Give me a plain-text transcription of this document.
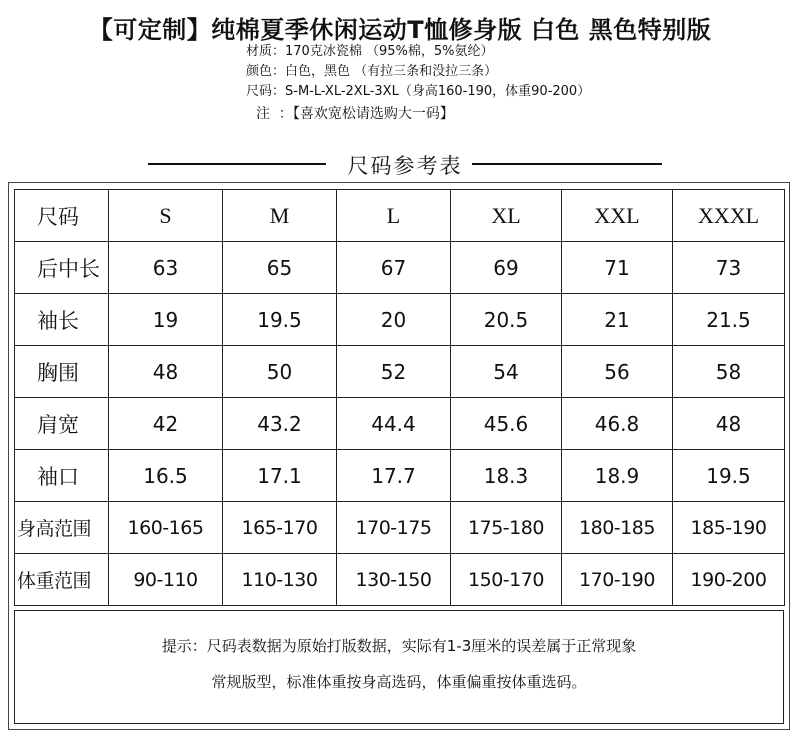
【可定制】纯棉夏季休闲运动T恤修身版 白色 黑色特别版
材质：170克冰瓷棉 （95%棉，5%氨纶）
颜色：白色，黑色 （有拉三条和没拉三条）
尺码：S-M-L-XL-2XL-3XL（身高160-190，体重90-200）
注 ：【喜欢宽松请选购大一码】
尺码参考表
尺码	S	M	L	XL	XXL	XXXL
后中长	63	65	67	69	71	73
袖长	19	19.5	20	20.5	21	21.5
胸围	48	50	52	54	56	58
肩宽	42	43.2	44.4	45.6	46.8	48
袖口	16.5	17.1	17.7	18.3	18.9	19.5
身高范围	160-165	165-170	170-175	175-180	180-185	185-190
体重范围	90-110	110-130	130-150	150-170	170-190	190-200
提示：尺码表数据为原始打版数据，实际有1-3厘米的误差属于正常现象
常规版型，标准体重按身高选码，体重偏重按体重选码。
